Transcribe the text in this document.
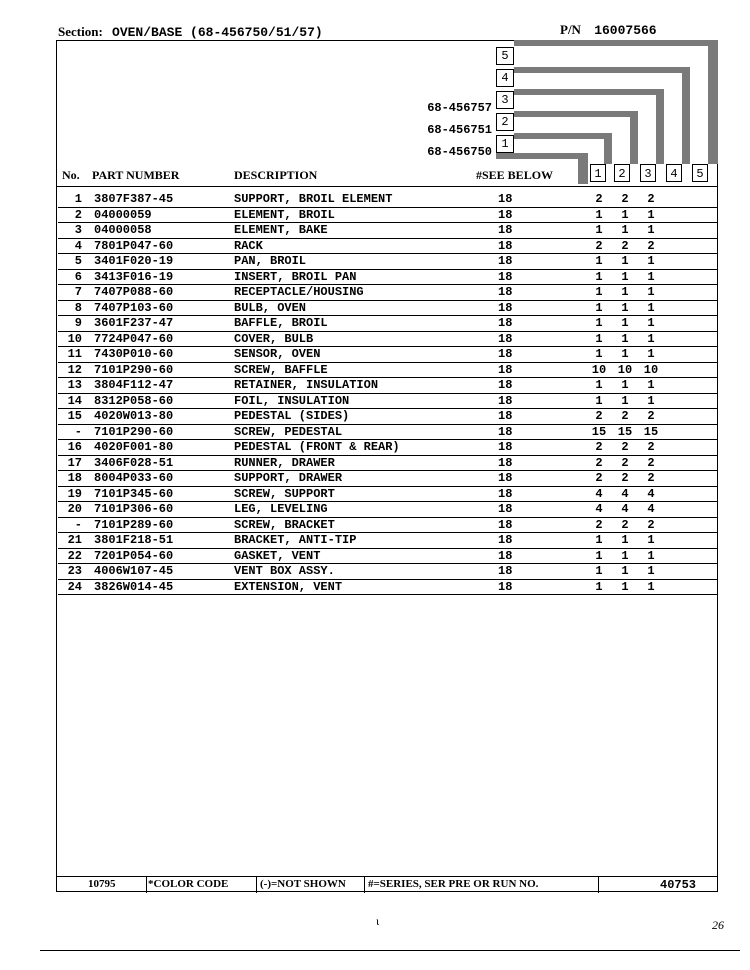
Section: OVEN/BASE (68-456750/51/57)	P/N 16007566
5
4
3
2
1
68-456757
68-456751
68-456750
No. PART NUMBER	DESCRIPTION	#SEE BELOW	1	2	3	4	5
1 3807F387-45	SUPPORT, BROIL ELEMENT	18	2	2	2
2 04000059	ELEMENT, BROIL	18	1	1	1
3 04000058	ELEMENT, BAKE	18	1	1	1
4 7801P047-60	RACK	18	2	2	2
5 3401F020-19	PAN, BROIL	18	1	1	1
6 3413F016-19	INSERT, BROIL PAN	18	1	1	1
7 7407P088-60	RECEPTACLE/HOUSING	18	1	1	1
8 7407P103-60	BULB, OVEN	18	1	1	1
9 3601F237-47	BAFFLE, BROIL	18	1	1	1
10 7724P047-60	COVER, BULB	18	1	1	1
11 7430P010-60	SENSOR, OVEN	18	1	1	1
12 7101P290-60	SCREW, BAFFLE	18	10 10 10
13 3804F112-47	RETAINER, INSULATION	18	1	1	1
14 8312P058-60	FOIL, INSULATION	18	1	1	1
15 4020W013-80	PEDESTAL (SIDES)	18	2	2	2
- 7101P290-60	SCREW, PEDESTAL	18	15 15 15
16 4020F001-80	PEDESTAL (FRONT & REAR)	18	2	2	2
17 3406F028-51	RUNNER, DRAWER	18	2	2	2
18 8004P033-60	SUPPORT, DRAWER	18	2	2	2
19 7101P345-60	SCREW, SUPPORT	18	4	4	4
20 7101P306-60	LEG, LEVELING	18	4	4	4
- 7101P289-60	SCREW, BRACKET	18	2	2	2
21 3801F218-51	BRACKET, ANTI-TIP	18	1	1	1
22 7201P054-60	GASKET, VENT	18	1	1	1
23 4006W107-45	VENT BOX ASSY.	18	1	1	1
24 3826W014-45	EXTENSION, VENT	18	1	1	1
10795	*COLOR CODE	(-)=NOT SHOWN #=SERIES, SER PRE OR RUN NO.	40753
ι	26
